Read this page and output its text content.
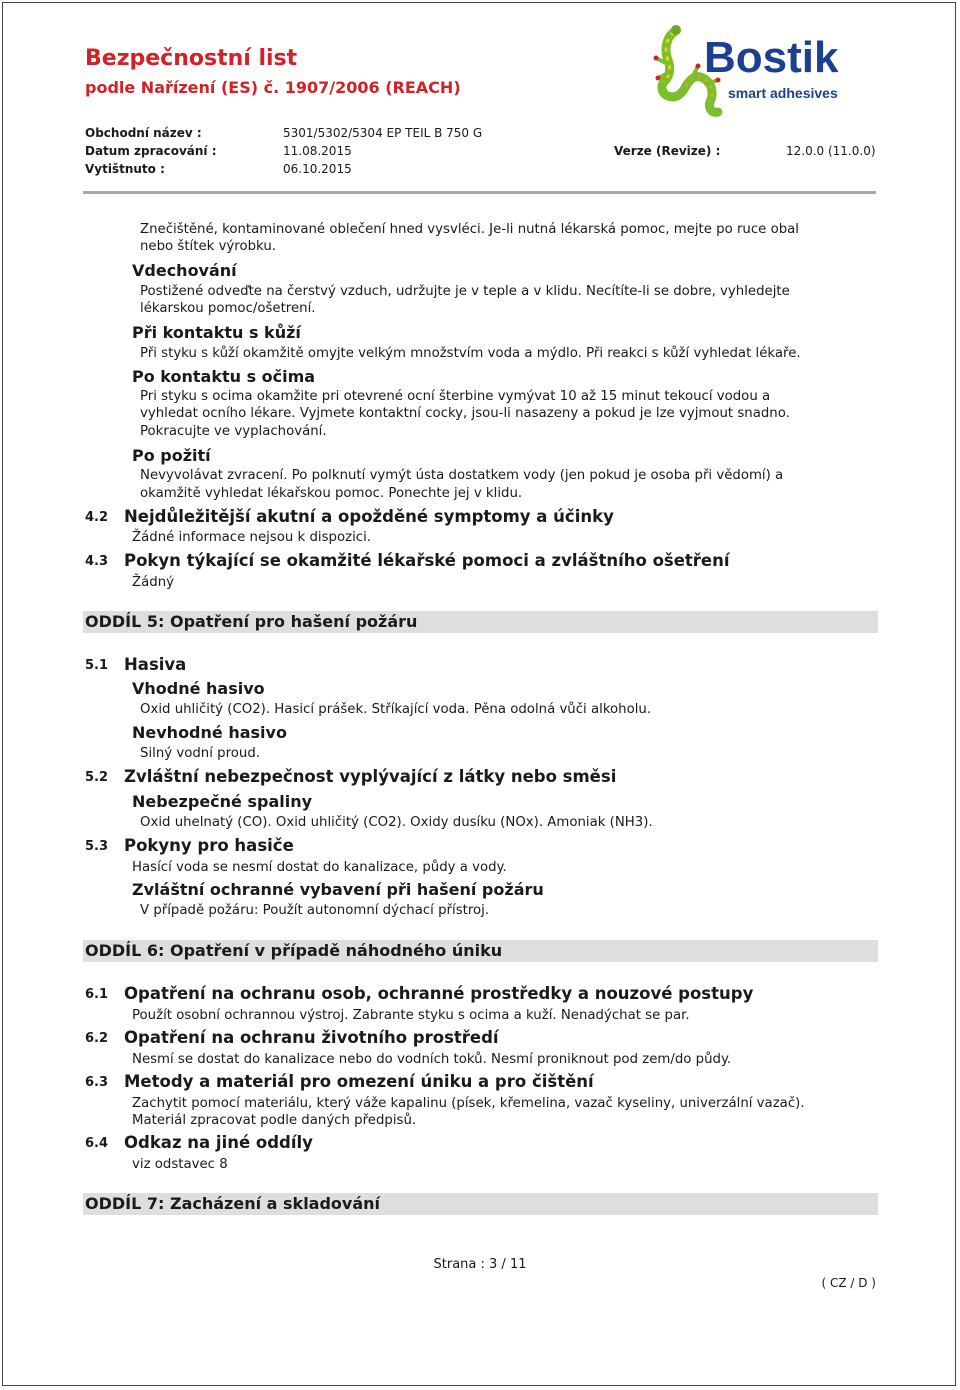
Bezpečnostní list
podle Nařízení (ES) č. 1907/2006 (REACH)
Bostik
smart adhesives
Obchodní název :	5301/5302/5304 EP TEIL B 750 G
Datum zpracování :	11.08.2015	Verze (Revize) :	12.0.0 (11.0.0)
Vytištnuto :	06.10.2015
Znečištěné, kontaminované oblečení hned vysvléci. Je-li nutná lékarská pomoc, mejte po ruce obal
nebo štítek výrobku.
Vdechování
Postižené odveďte na čerstvý vzduch, udržujte je v teple a v klidu. Necítíte-li se dobre, vyhledejte
lékarskou pomoc/ošetrení.
Při kontaktu s kůží
Při styku s kůží okamžitě omyjte velkým množstvím voda a mýdlo. Při reakci s kůží vyhledat lékaře.
Po kontaktu s očima
Pri styku s ocima okamžite pri otevrené ocní šterbine vymývat 10 až 15 minut tekoucí vodou a
vyhledat ocního lékare. Vyjmete kontaktní cocky, jsou-li nasazeny a pokud je lze vyjmout snadno.
Pokracujte ve vyplachování.
Po požití
Nevyvolávat zvracení. Po polknutí vymýt ústa dostatkem vody (jen pokud je osoba při vědomí) a
okamžitě vyhledat lékařskou pomoc. Ponechte jej v klidu.
4.2 Nejdůležitější akutní a opožděné symptomy a účinky
Žádné informace nejsou k dispozici.
4.3 Pokyn týkající se okamžité lékařské pomoci a zvláštního ošetření
Žádný
ODDÍL 5: Opatření pro hašení požáru
5.1 Hasiva
Vhodné hasivo
Oxid uhličitý (CO2). Hasicí prášek. Stříkající voda. Pěna odolná vůči alkoholu.
Nevhodné hasivo
Silný vodní proud.
5.2 Zvláštní nebezpečnost vyplývající z látky nebo směsi
Nebezpečné spaliny
Oxid uhelnatý (CO). Oxid uhličitý (CO2). Oxidy dusíku (NOx). Amoniak (NH3).
5.3 Pokyny pro hasiče
Hasící voda se nesmí dostat do kanalizace, půdy a vody.
Zvláštní ochranné vybavení při hašení požáru
V případě požáru: Použít autonomní dýchací přístroj.
ODDÍL 6: Opatření v případě náhodného úniku
6.1 Opatření na ochranu osob, ochranné prostředky a nouzové postupy
Použít osobní ochrannou výstroj. Zabrante styku s ocima a kuží. Nenadýchat se par.
6.2 Opatření na ochranu životního prostředí
Nesmí se dostat do kanalizace nebo do vodních toků. Nesmí proniknout pod zem/do půdy.
6.3 Metody a materiál pro omezení úniku a pro čištění
Zachytit pomocí materiálu, který váže kapalinu (písek, křemelina, vazač kyseliny, univerzální vazač).
Materiál zpracovat podle daných předpisů.
6.4 Odkaz na jiné oddíly
viz odstavec 8
ODDÍL 7: Zacházení a skladování
Strana : 3 / 11
( CZ / D )
